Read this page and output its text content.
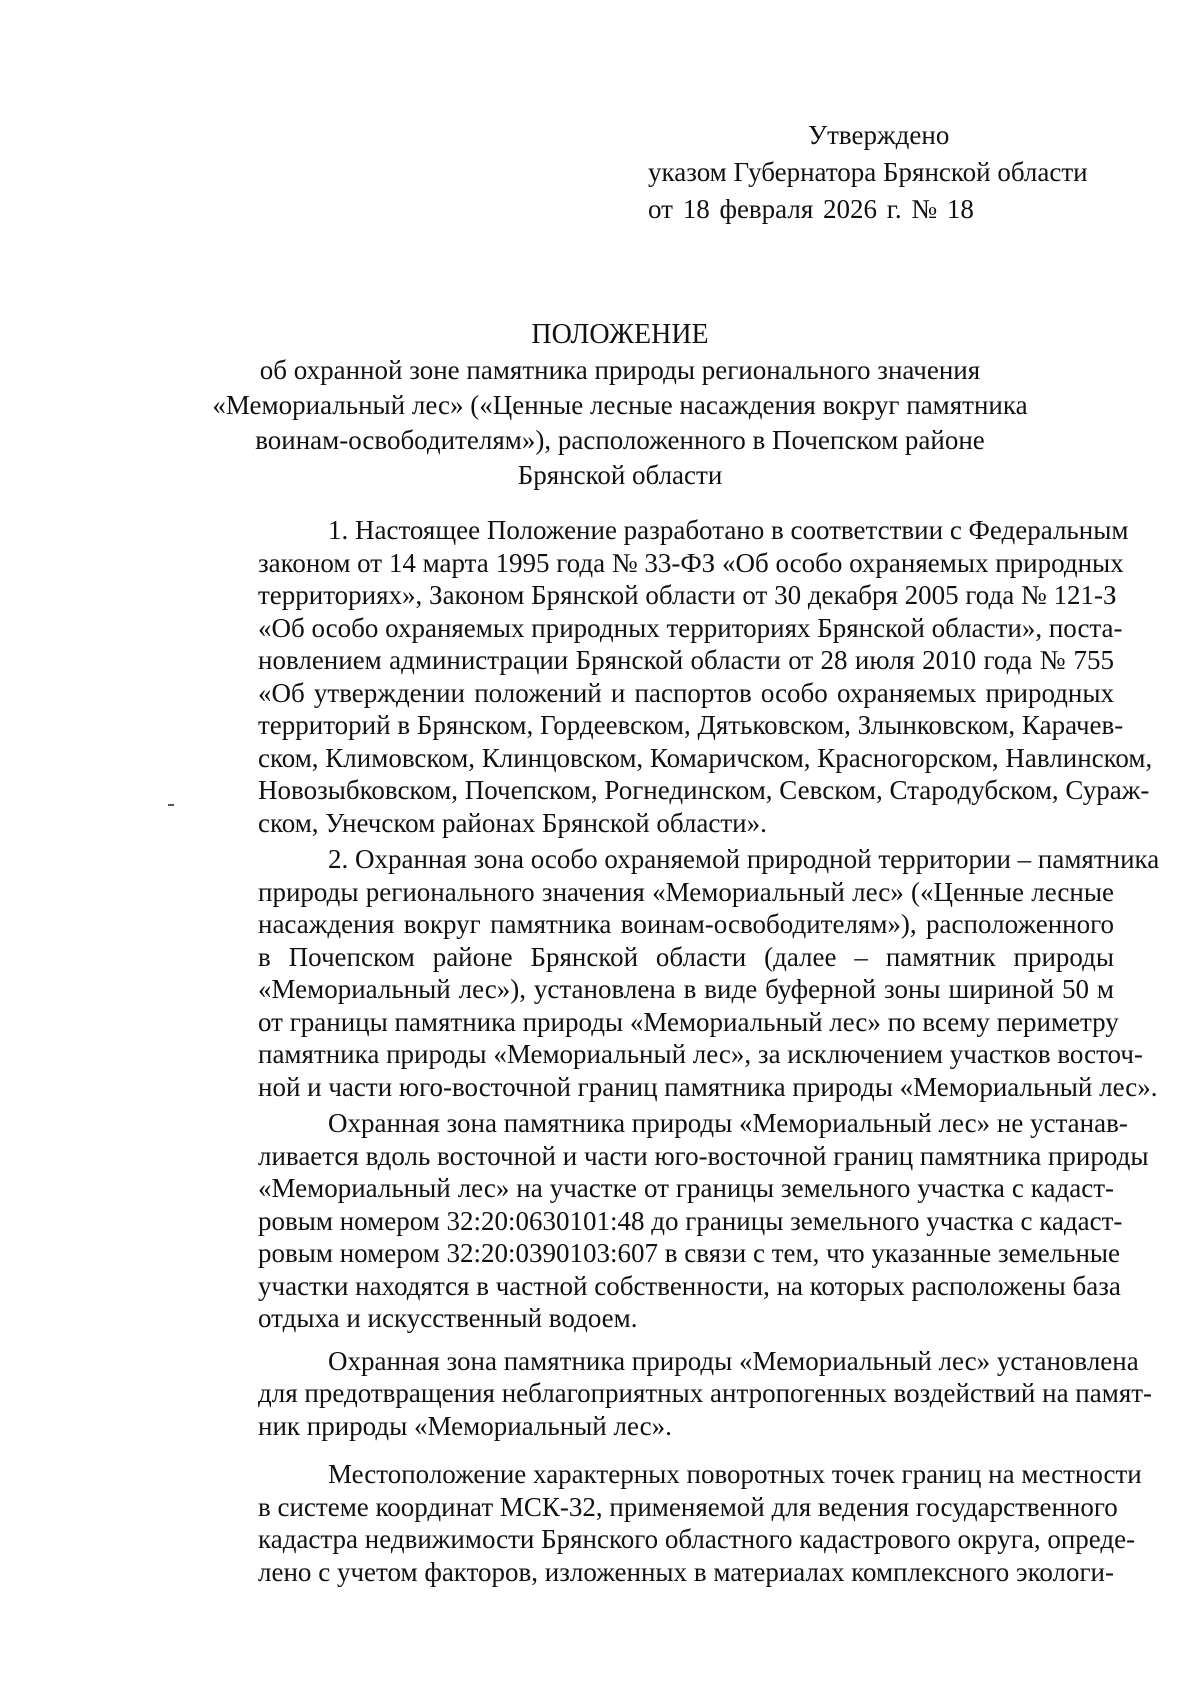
Утверждено
указом Губернатора Брянской области
от 18 февраля 2026 г. № 18
ПОЛОЖЕНИЕ
об охранной зоне памятника природы регионального значения
«Мемориальный лес» («Ценные лесные насаждения вокруг памятника
воинам-освободителям»), расположенного в Почепском районе
Брянской области
1. Настоящее Положение разработано в соответствии с Федеральным
законом от 14 марта 1995 года № 33-ФЗ «Об особо охраняемых природных
территориях», Законом Брянской области от 30 декабря 2005 года № 121-З
«Об особо охраняемых природных территориях Брянской области», поста-
новлением администрации Брянской области от 28 июля 2010 года № 755
«Об утверждении положений и паспортов особо охраняемых природных
территорий в Брянском, Гордеевском, Дятьковском, Злынковском, Карачев-
ском, Климовском, Клинцовском, Комаричском, Красногорском, Навлинском,
Новозыбковском, Почепском, Рогнединском, Севском, Стародубском, Сураж-
ском, Унечском районах Брянской области».
2. Охранная зона особо охраняемой природной территории – памятника
природы регионального значения «Мемориальный лес» («Ценные лесные
насаждения вокруг памятника воинам-освободителям»), расположенного
в Почепском районе Брянской области (далее – памятник природы
«Мемориальный лес»), установлена в виде буферной зоны шириной 50 м
от границы памятника природы «Мемориальный лес» по всему периметру
памятника природы «Мемориальный лес», за исключением участков восточ-
ной и части юго-восточной границ памятника природы «Мемориальный лес».
Охранная зона памятника природы «Мемориальный лес» не устанав-
ливается вдоль восточной и части юго-восточной границ памятника природы
«Мемориальный лес» на участке от границы земельного участка с кадаст-
ровым номером 32:20:0630101:48 до границы земельного участка с кадаст-
ровым номером 32:20:0390103:607 в связи с тем, что указанные земельные
участки находятся в частной собственности, на которых расположены база
отдыха и искусственный водоем.
Охранная зона памятника природы «Мемориальный лес» установлена
для предотвращения неблагоприятных антропогенных воздействий на памят-
ник природы «Мемориальный лес».
Местоположение характерных поворотных точек границ на местности
в системе координат МСК-32, применяемой для ведения государственного
кадастра недвижимости Брянского областного кадастрового округа, опреде-
лено с учетом факторов, изложенных в материалах комплексного экологи-
